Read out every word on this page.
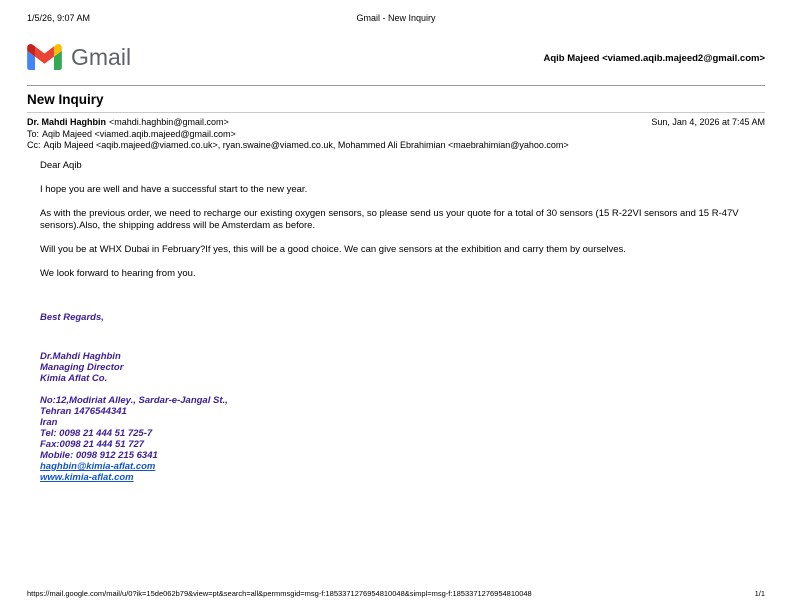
1/5/26, 9:07 AM	Gmail - New Inquiry
Gmail	Aqib Majeed <viamed.aqib.majeed2@gmail.com>
New Inquiry
Dr. Mahdi Haghbin <mahdi.haghbin@gmail.com>	Sun, Jan 4, 2026 at 7:45 AM
To: Aqib Majeed <viamed.aqib.majeed@gmail.com>
Cc: Aqib Majeed <aqib.majeed@viamed.co.uk>, ryan.swaine@viamed.co.uk, Mohammed Ali Ebrahimian <maebrahimian@yahoo.com>

Dear Aqib

I hope you are well and have a successful start to the new year.

As with the previous order, we need to recharge our existing oxygen sensors, so please send us your quote for a total of 30 sensors (15 R-22VI sensors and 15 R-47V sensors).Also, the shipping address will be Amsterdam as before.

Will you be at WHX Dubai in February?If yes, this will be a good choice. We can give sensors at the exhibition and carry them by ourselves.

We look forward to hearing from you.

Best Regards,
Dr.Mahdi Haghbin
Managing Director
Kimia Aflat Co.
No:12,Modiriat Alley., Sardar-e-Jangal St.,
Tehran 1476544341
Iran
Tel: 0098 21 444 51 725-7
Fax:0098 21 444 51 727
Mobile: 0098 912 215 6341
haghbin@kimia-aflat.com
www.kimia-aflat.com
https://mail.google.com/mail/u/0?ik=15de062b79&view=pt&search=all&permmsgid=msg-f:1853371276954810048&simpl=msg-f:1853371276954810048	1/1
